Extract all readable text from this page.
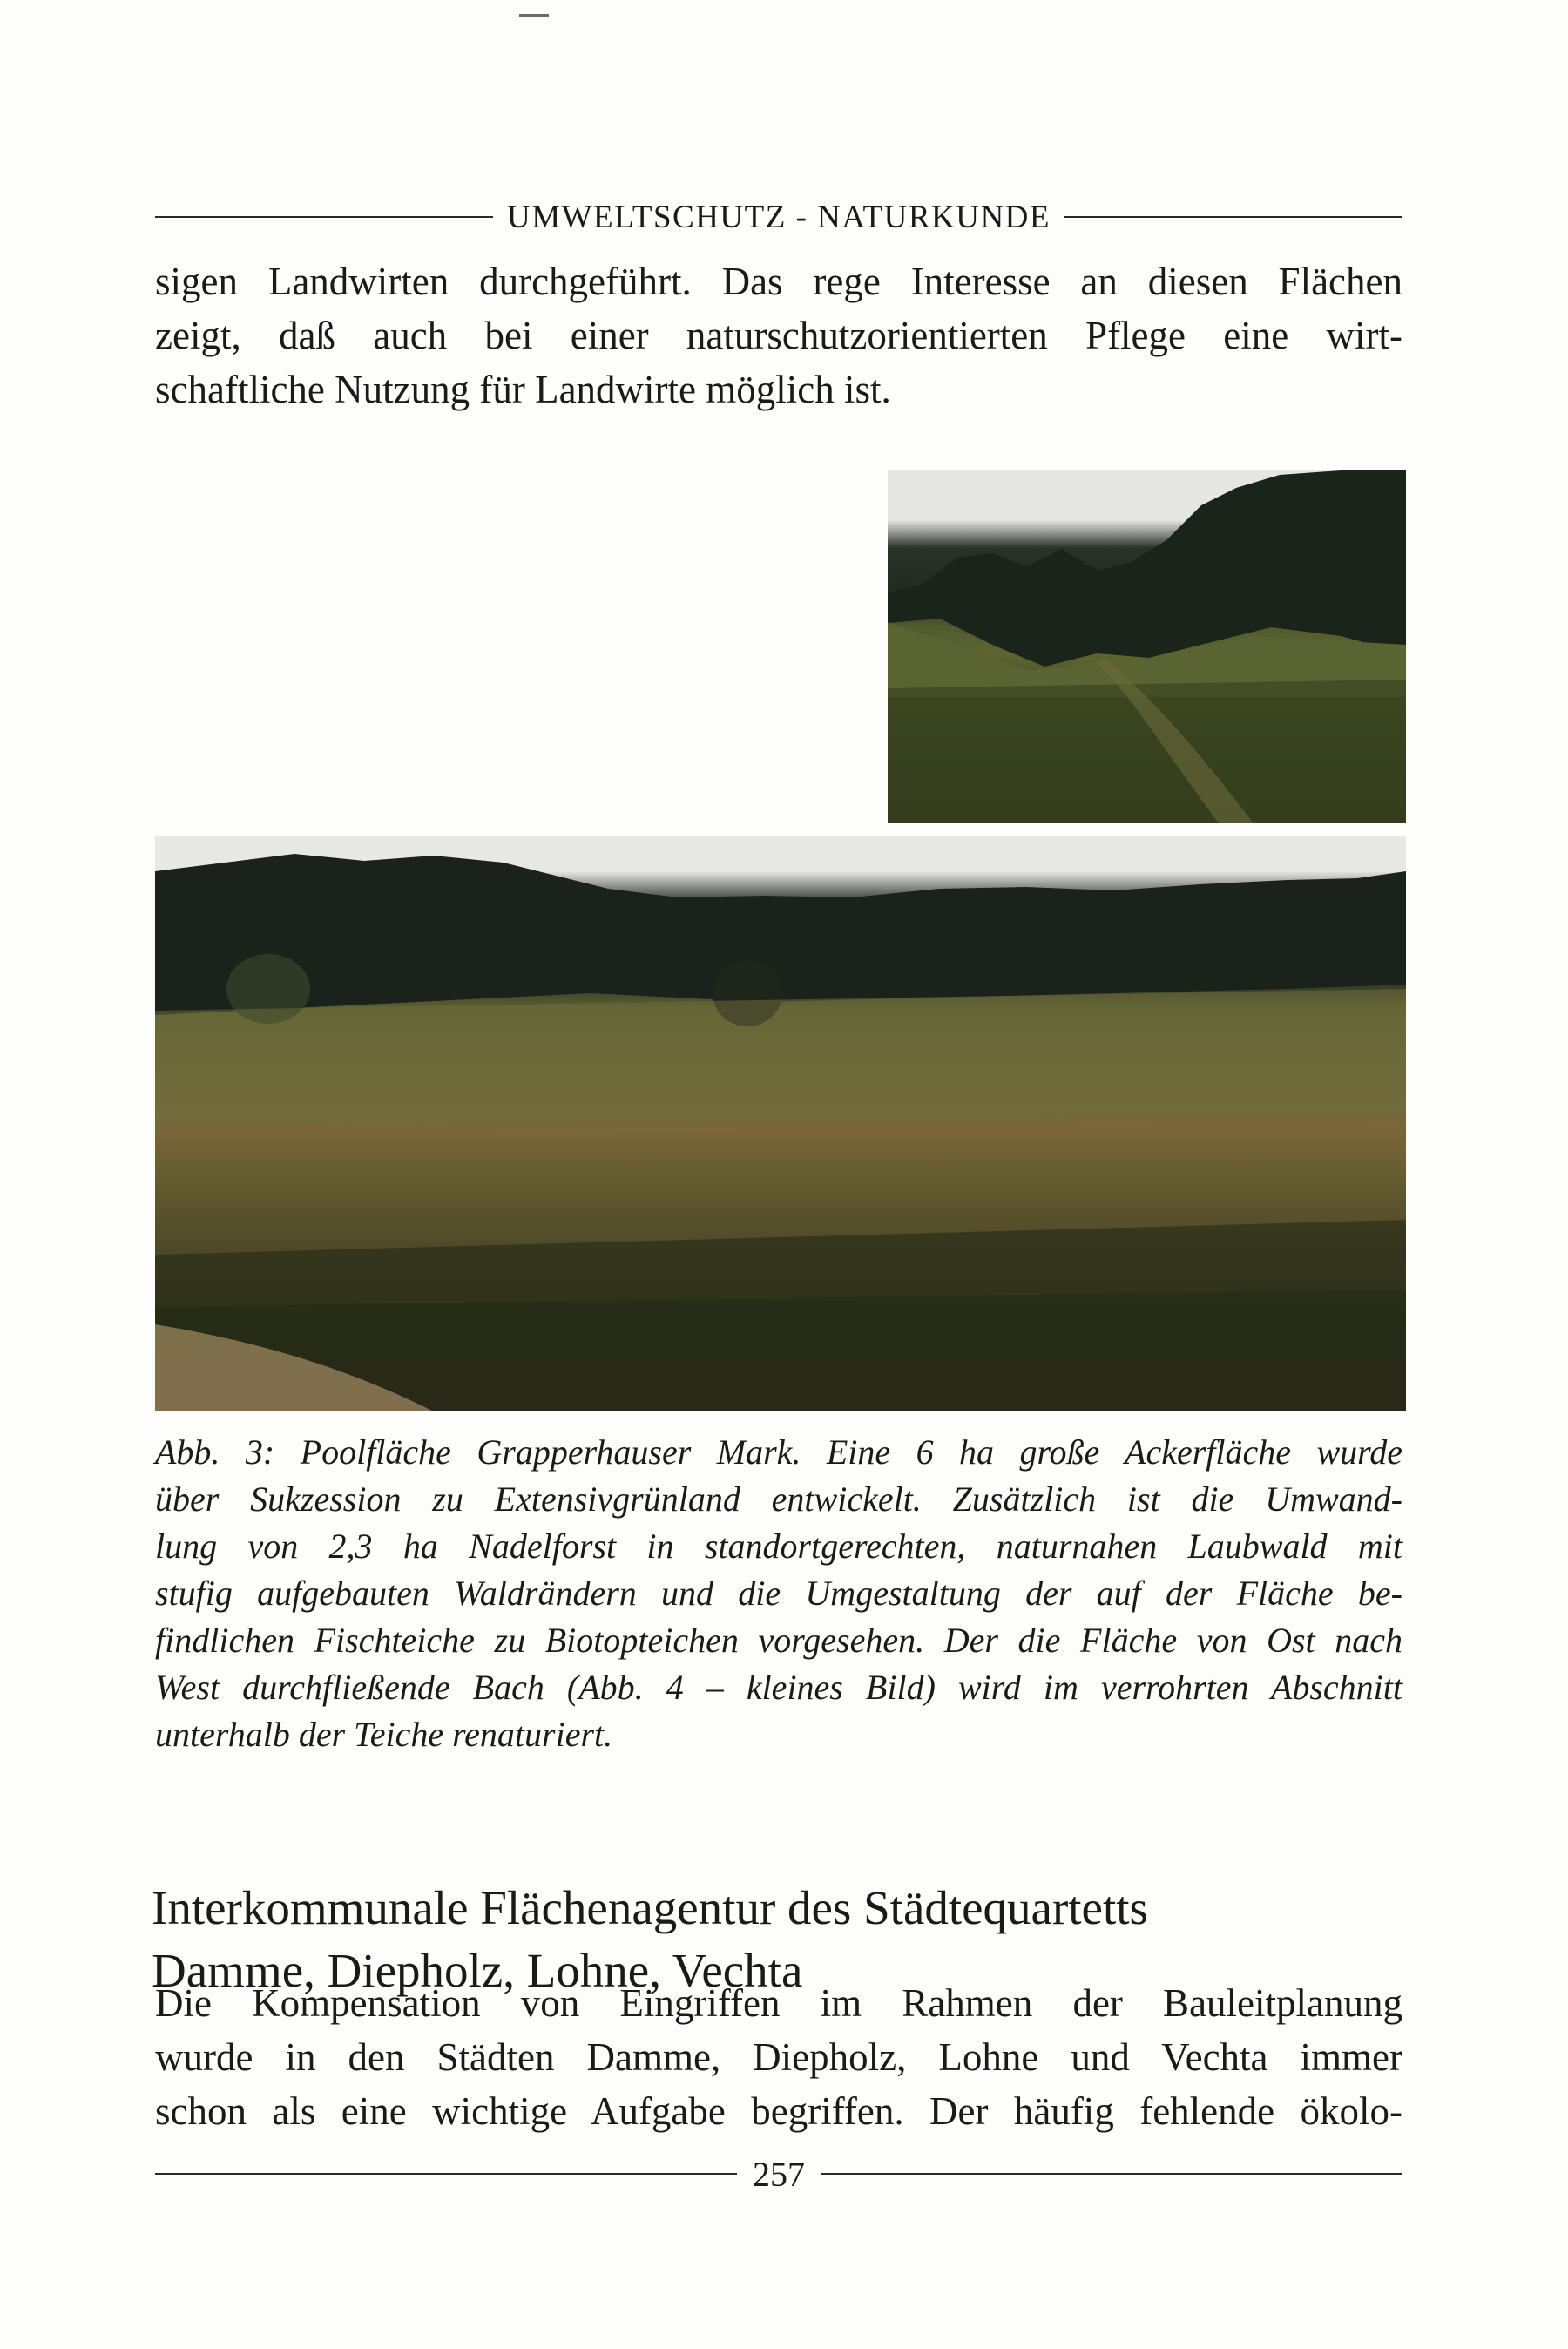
UMWELTSCHUTZ - NATURKUNDE
sigen Landwirten durchgeführt. Das rege Interesse an diesen Flächen
zeigt, daß auch bei einer naturschutzorientierten Pflege eine wirt-
schaftliche Nutzung für Landwirte möglich ist.
Abb. 3: Poolfläche Grapperhauser Mark. Eine 6 ha große Ackerfläche wurde
über Sukzession zu Extensivgrünland entwickelt. Zusätzlich ist die Umwand-
lung von 2,3 ha Nadelforst in standortgerechten, naturnahen Laubwald mit
stufig aufgebauten Waldrändern und die Umgestaltung der auf der Fläche be-
findlichen Fischteiche zu Biotopteichen vorgesehen. Der die Fläche von Ost nach
West durchfließende Bach (Abb. 4 – kleines Bild) wird im verrohrten Abschnitt
unterhalb der Teiche renaturiert.
Interkommunale Flächenagentur des Städtequartetts
Damme, Diepholz, Lohne, Vechta
Die Kompensation von Eingriffen im Rahmen der Bauleitplanung
wurde in den Städten Damme, Diepholz, Lohne und Vechta immer
schon als eine wichtige Aufgabe begriffen. Der häufig fehlende ökolo-
257
